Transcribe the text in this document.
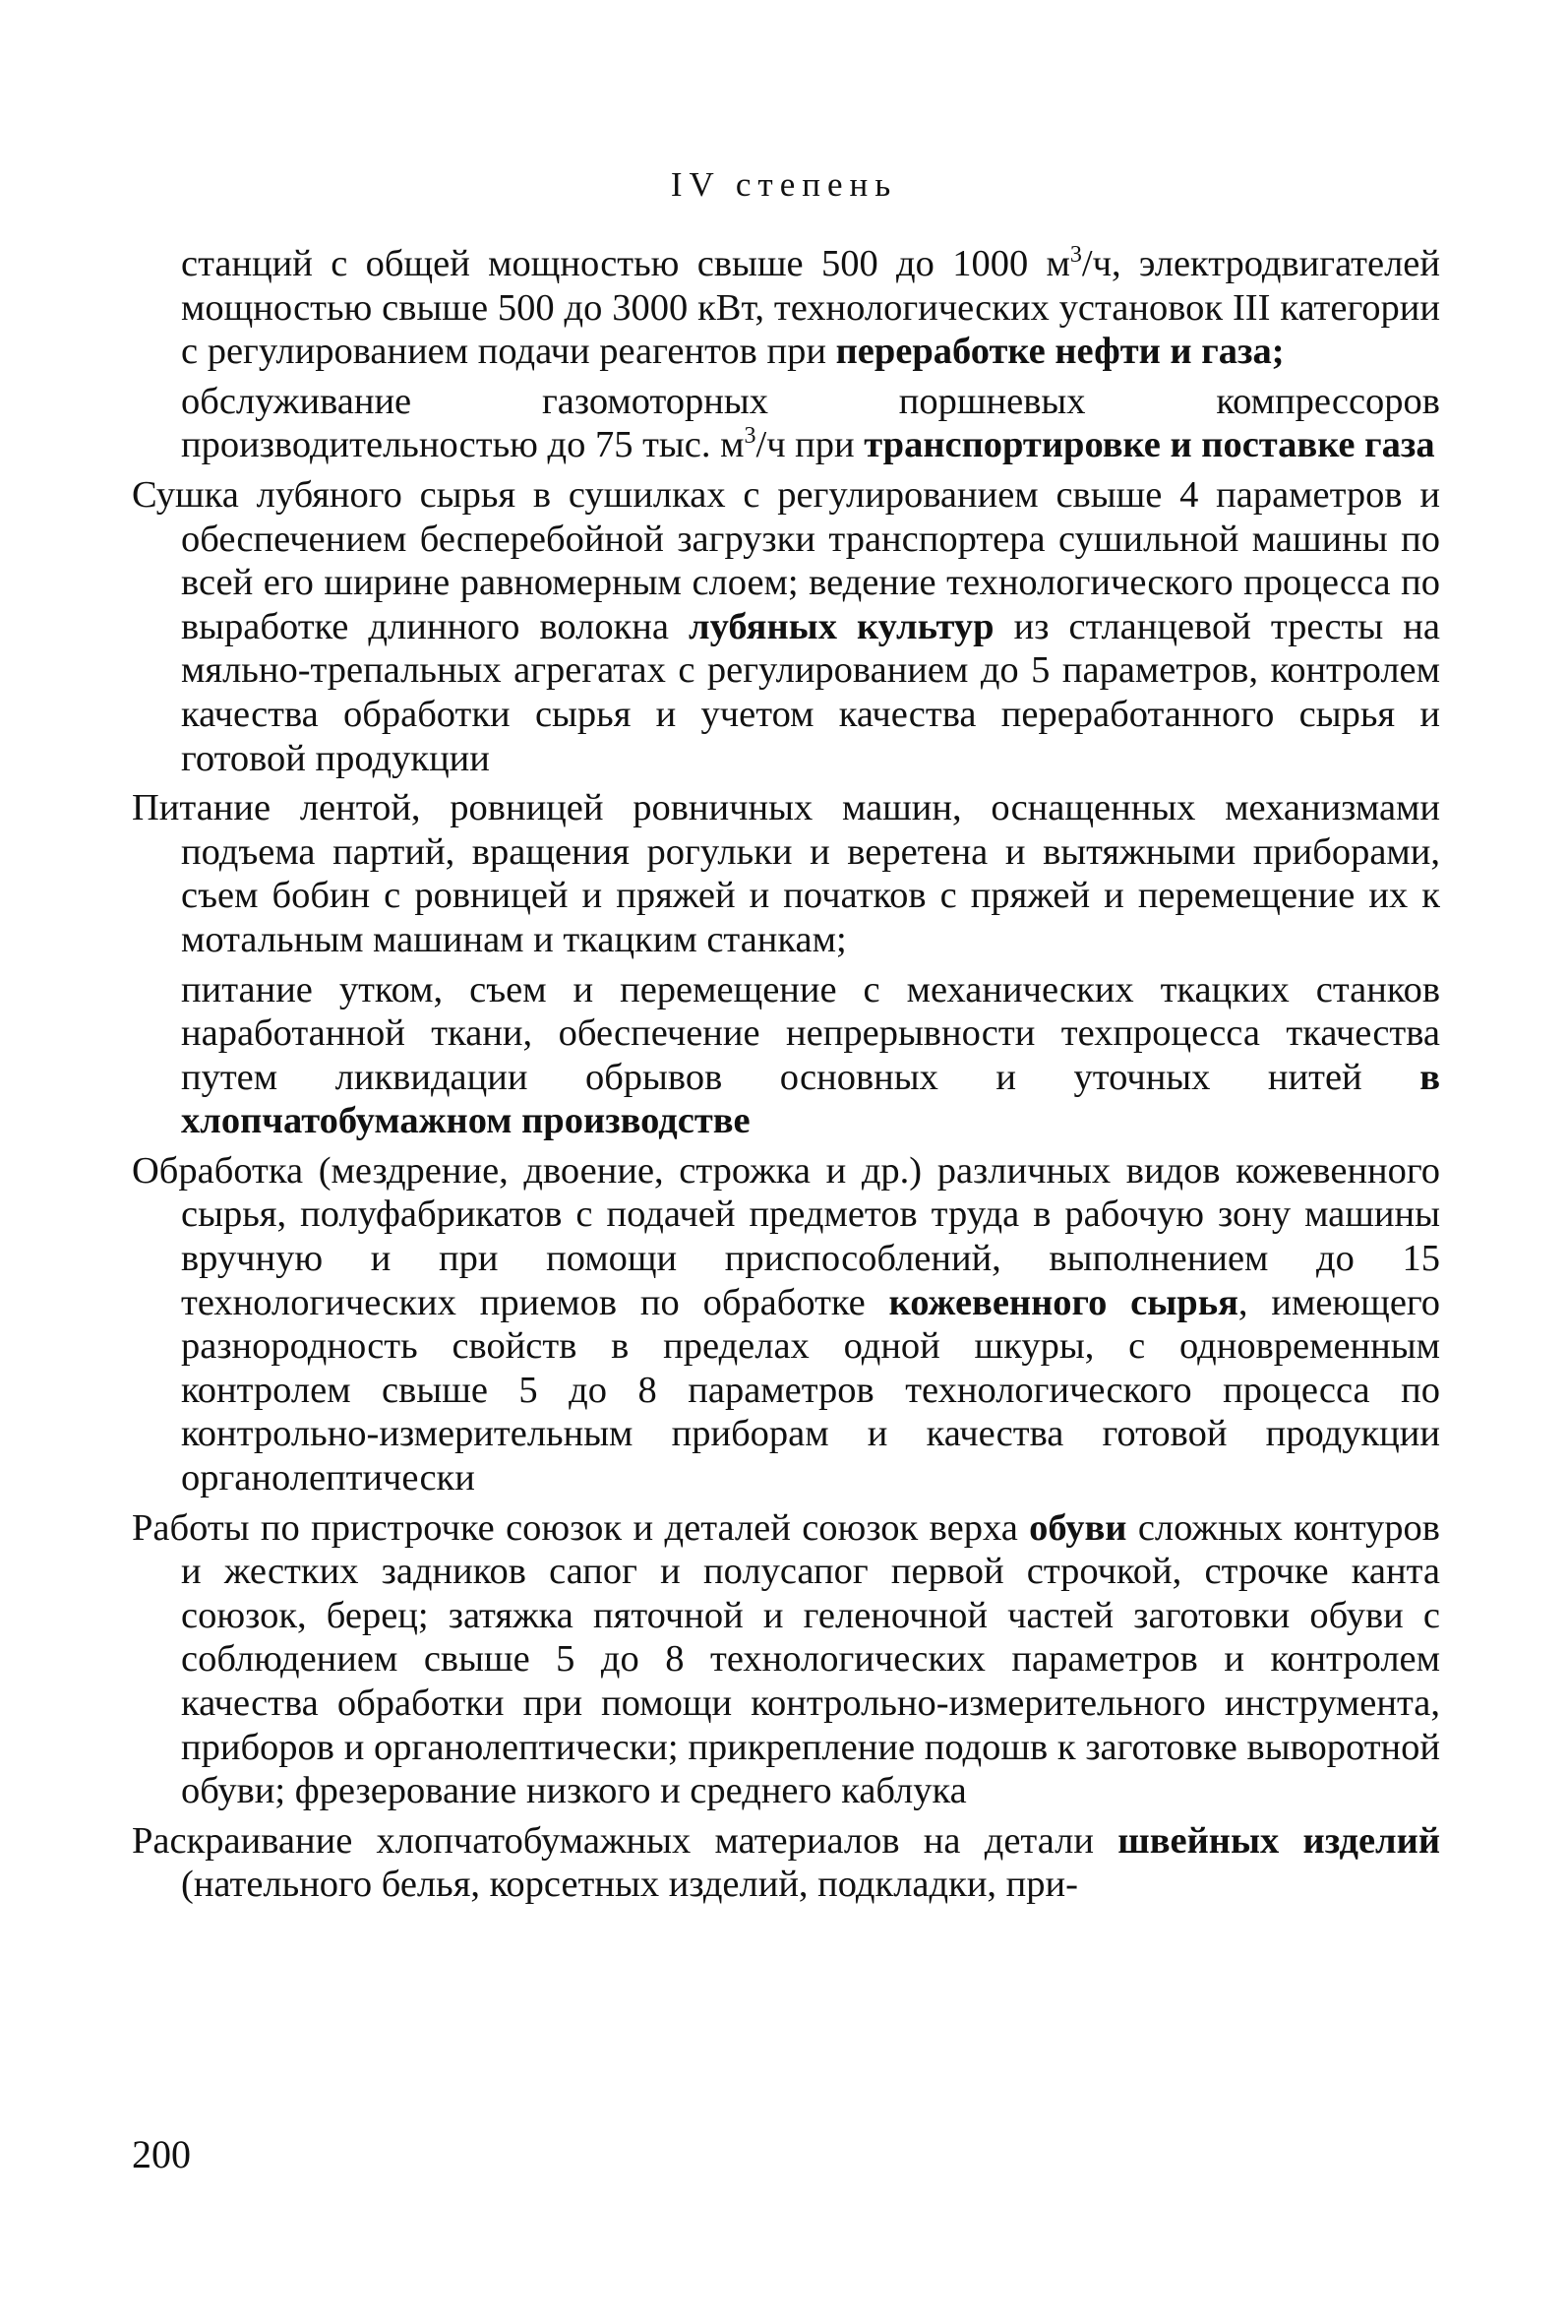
IV степень

станций с общей мощностью свыше 500 до 1000 $м^3/ч$, электродвигателей мощностью свыше 500 до 3000 кВт, технологических установок III категории с регулированием подачи реагентов при переработке нефти и газа;

обслуживание газомоторных поршневых компрессоров производительностью до 75 тыс. $м^3/ч$ при транспортировке и поставке газа

Сушка лубяного сырья в сушилках с регулированием свыше 4 параметров и обеспечением бесперебойной загрузки транспортера сушильной машины по всей его ширине равномерным слоем; ведение технологического процесса по выработке длинного волокна лубяных культур из стланцевой тресты на мяльно-трепальных агрегатах с регулированием до 5 параметров, контролем качества обработки сырья и учетом качества переработанного сырья и готовой продукции

Питание лентой, ровницей ровничных машин, оснащенных механизмами подъема партий, вращения рогульки и веретена и вытяжными приборами, съем бобин с ровницей и пряжей и початков с пряжей и перемещение их к мотальным машинам и ткацким станкам;

питание утком, съем и перемещение с механических ткацких станков наработанной ткани, обеспечение непрерывности техпроцесса ткачества путем ликвидации обрывов основных и уточных нитей в хлопчатобумажном производстве

Обработка (мездрение, двоение, строжка и др.) различных видов кожевенного сырья, полуфабрикатов с подачей предметов труда в рабочую зону машины вручную и при помощи приспособлений, выполнением до 15 технологических приемов по обработке кожевенного сырья, имеющего разнородность свойств в пределах одной шкуры, с одновременным контролем свыше 5 до 8 параметров технологического процесса по контрольно-измерительным приборам и качества готовой продукции органолептически

Работы по пристрочке союзок и деталей союзок верха обуви сложных контуров и жестких задников сапог и полусапог первой строчкой, строчке канта союзок, берец; затяжка пяточной и геленочной частей заготовки обуви с соблюдением свыше 5 до 8 технологических параметров и контролем качества обработки при помощи контрольно-измерительного инструмента, приборов и органолептически; прикрепление подошв к заготовке выворотной обуви; фрезерование низкого и среднего каблука

Раскраивание хлопчатобумажных материалов на детали швейных изделий (нательного белья, корсетных изделий, подкладки, при-

200
